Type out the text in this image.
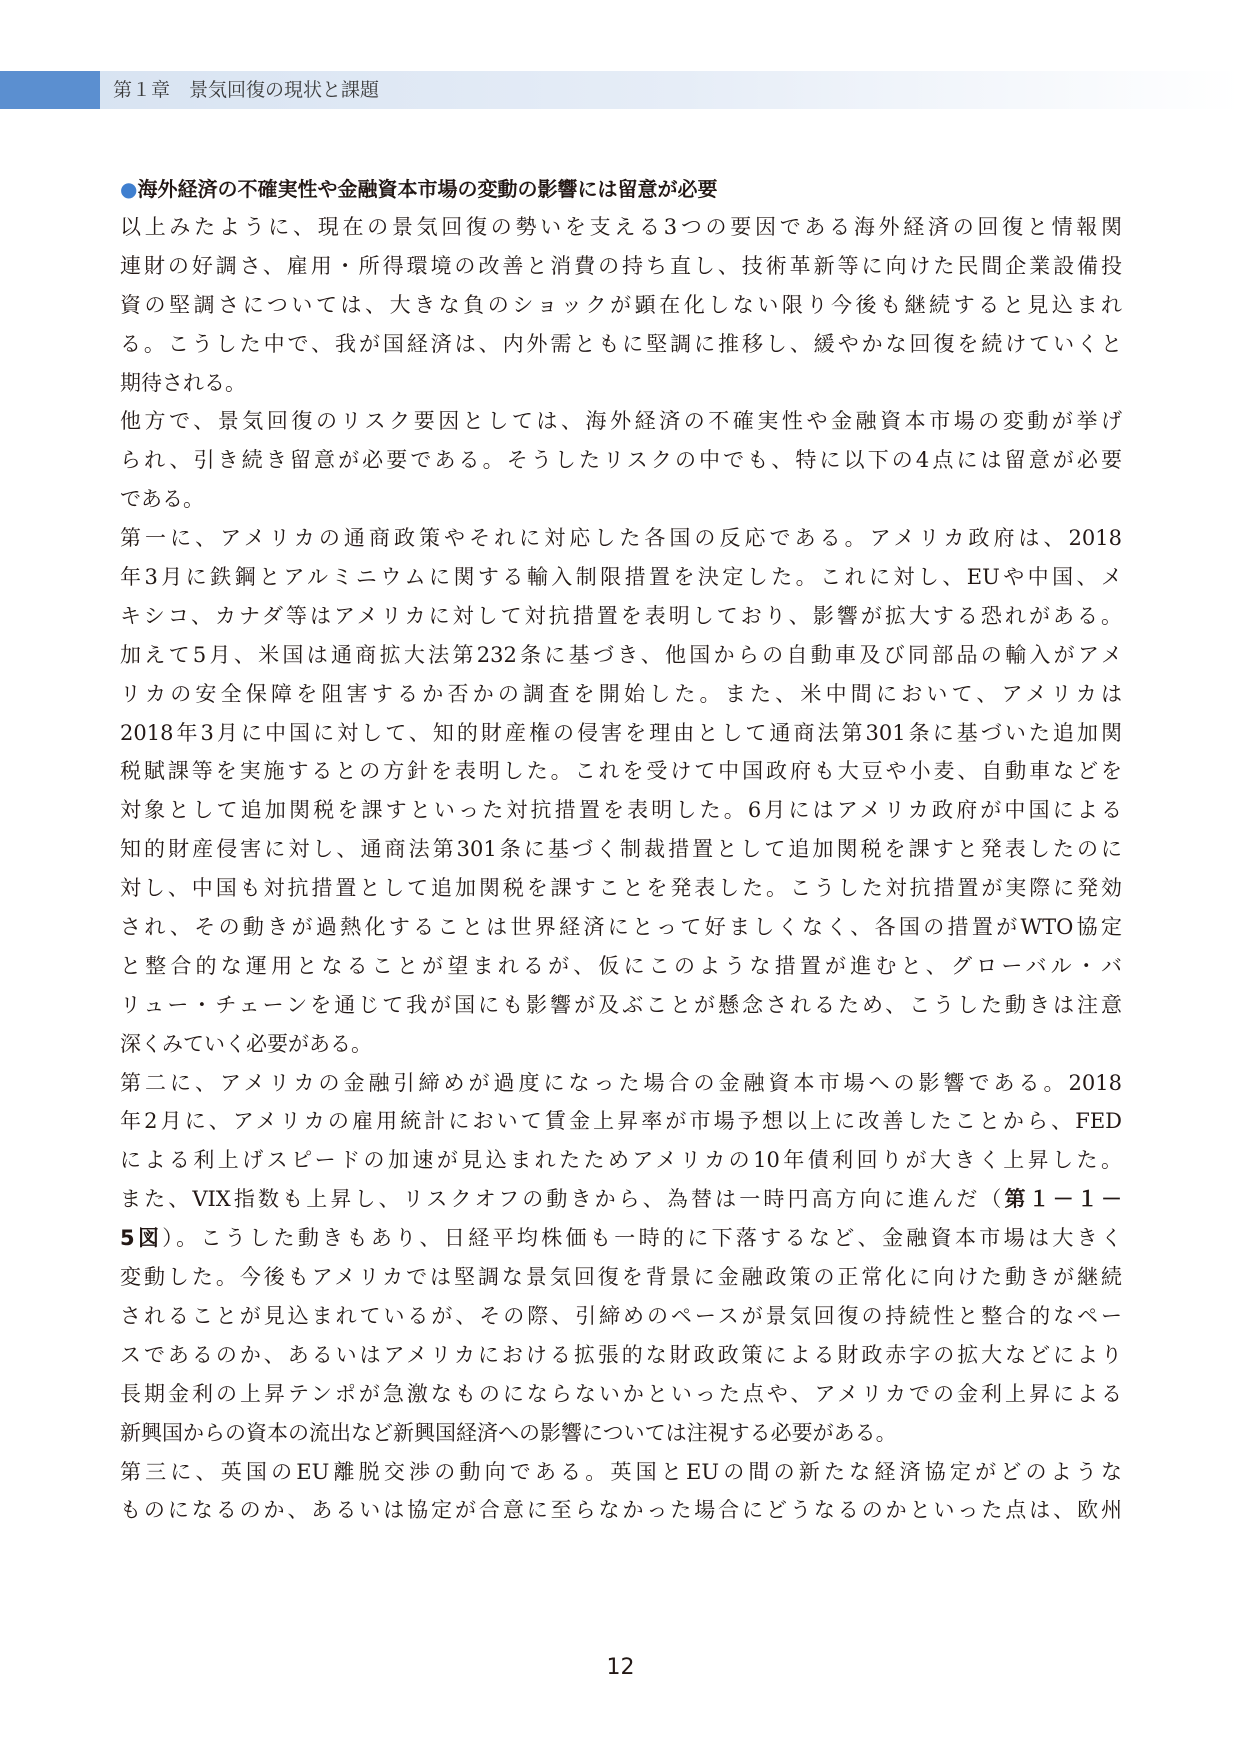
第１章　景気回復の現状と課題
●海外経済の不確実性や金融資本市場の変動の影響には留意が必要
以上みたように、現在の景気回復の勢いを支える3つの要因である海外経済の回復と情報関
連財の好調さ、雇用・所得環境の改善と消費の持ち直し、技術革新等に向けた民間企業設備投
資の堅調さについては、大きな負のショックが顕在化しない限り今後も継続すると見込まれ
る。こうした中で、我が国経済は、内外需ともに堅調に推移し、緩やかな回復を続けていくと
期待される。
他方で、景気回復のリスク要因としては、海外経済の不確実性や金融資本市場の変動が挙げ
られ、引き続き留意が必要である。そうしたリスクの中でも、特に以下の4点には留意が必要
である。
第一に、アメリカの通商政策やそれに対応した各国の反応である。アメリカ政府は、2018
年3月に鉄鋼とアルミニウムに関する輸入制限措置を決定した。これに対し、EUや中国、メ
キシコ、カナダ等はアメリカに対して対抗措置を表明しており、影響が拡大する恐れがある。
加えて5月、米国は通商拡大法第232条に基づき、他国からの自動車及び同部品の輸入がアメ
リカの安全保障を阻害するか否かの調査を開始した。また、米中間において、アメリカは
2018年3月に中国に対して、知的財産権の侵害を理由として通商法第301条に基づいた追加関
税賦課等を実施するとの方針を表明した。これを受けて中国政府も大豆や小麦、自動車などを
対象として追加関税を課すといった対抗措置を表明した。6月にはアメリカ政府が中国による
知的財産侵害に対し、通商法第301条に基づく制裁措置として追加関税を課すと発表したのに
対し、中国も対抗措置として追加関税を課すことを発表した。こうした対抗措置が実際に発効
され、その動きが過熱化することは世界経済にとって好ましくなく、各国の措置がWTO協定
と整合的な運用となることが望まれるが、仮にこのような措置が進むと、グローバル・バ
リュー・チェーンを通じて我が国にも影響が及ぶことが懸念されるため、こうした動きは注意
深くみていく必要がある。
第二に、アメリカの金融引締めが過度になった場合の金融資本市場への影響である。2018
年2月に、アメリカの雇用統計において賃金上昇率が市場予想以上に改善したことから、FED
による利上げスピードの加速が見込まれたためアメリカの10年債利回りが大きく上昇した。
また、VIX指数も上昇し、リスクオフの動きから、為替は一時円高方向に進んだ（第１－１－
5図）。こうした動きもあり、日経平均株価も一時的に下落するなど、金融資本市場は大きく
変動した。今後もアメリカでは堅調な景気回復を背景に金融政策の正常化に向けた動きが継続
されることが見込まれているが、その際、引締めのペースが景気回復の持続性と整合的なペー
スであるのか、あるいはアメリカにおける拡張的な財政政策による財政赤字の拡大などにより
長期金利の上昇テンポが急激なものにならないかといった点や、アメリカでの金利上昇による
新興国からの資本の流出など新興国経済への影響については注視する必要がある。
第三に、英国のEU離脱交渉の動向である。英国とEUの間の新たな経済協定がどのような
ものになるのか、あるいは協定が合意に至らなかった場合にどうなるのかといった点は、欧州
12
